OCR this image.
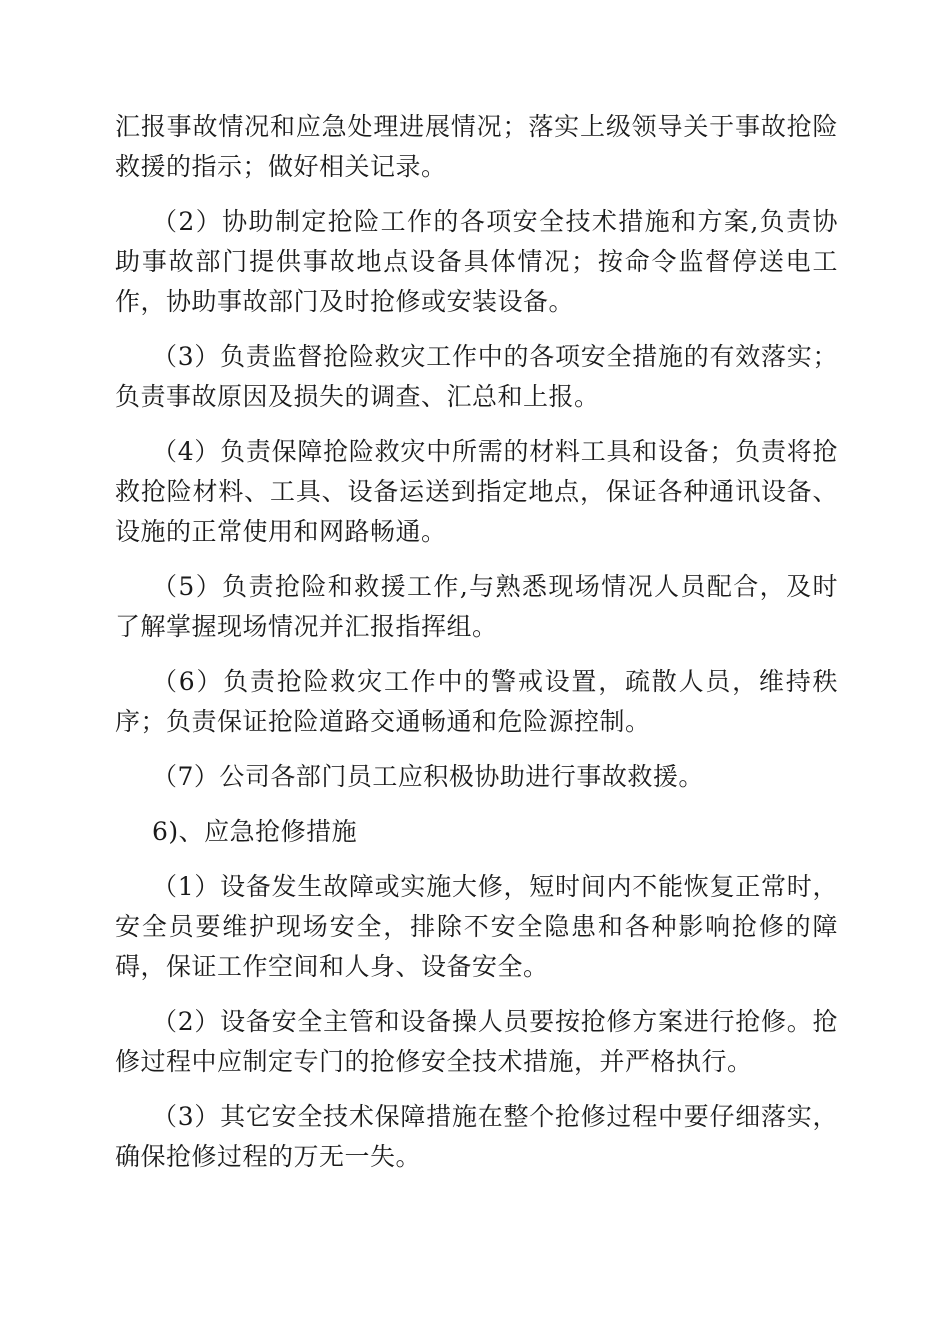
汇报事故情况和应急处理进展情况；落实上级领导关于事故抢险救援的指示；做好相关记录。

（2）协助制定抢险工作的各项安全技术措施和方案,负责协助事故部门提供事故地点设备具体情况；按命令监督停送电工作，协助事故部门及时抢修或安装设备。

（3）负责监督抢险救灾工作中的各项安全措施的有效落实；负责事故原因及损失的调查、汇总和上报。

（4）负责保障抢险救灾中所需的材料工具和设备；负责将抢救抢险材料、工具、设备运送到指定地点，保证各种通讯设备、设施的正常使用和网路畅通。

（5）负责抢险和救援工作,与熟悉现场情况人员配合，及时了解掌握现场情况并汇报指挥组。

（6）负责抢险救灾工作中的警戒设置，疏散人员，维持秩序；负责保证抢险道路交通畅通和危险源控制。

（7）公司各部门员工应积极协助进行事故救援。

6)、应急抢修措施

（1）设备发生故障或实施大修，短时间内不能恢复正常时，安全员要维护现场安全，排除不安全隐患和各种影响抢修的障碍，保证工作空间和人身、设备安全。

（2）设备安全主管和设备操人员要按抢修方案进行抢修。抢修过程中应制定专门的抢修安全技术措施，并严格执行。

（3）其它安全技术保障措施在整个抢修过程中要仔细落实，确保抢修过程的万无一失。
